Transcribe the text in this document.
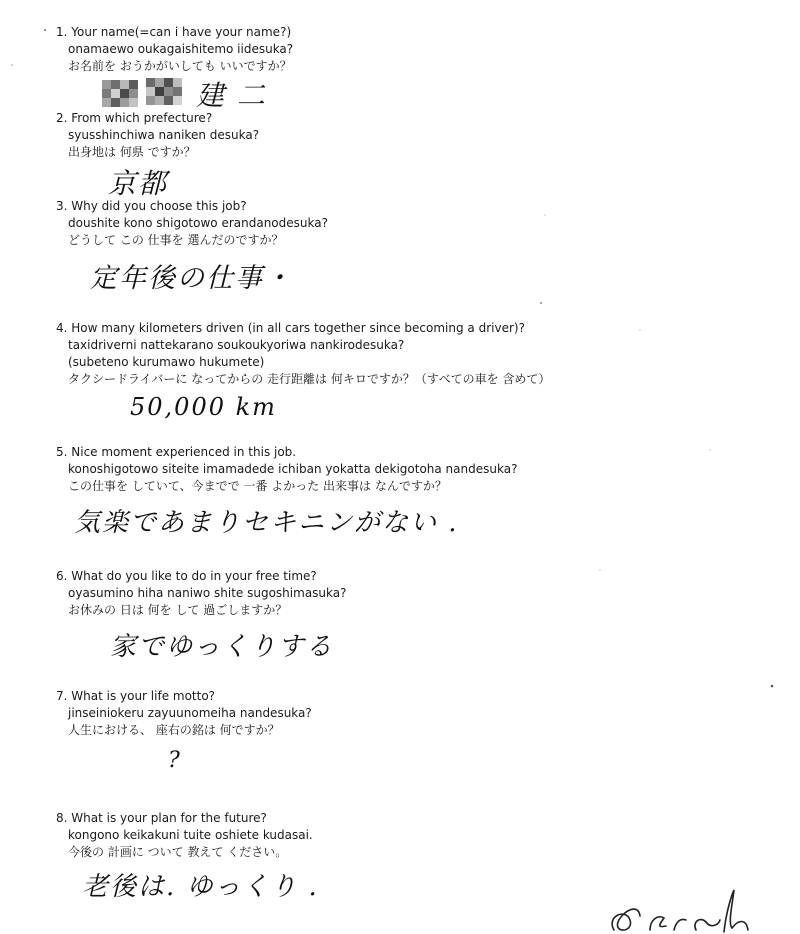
1. Your name(=can i have your name?)
onamaewo oukagaishitemo iidesuka?
お名前を おうかがいしても いいですか？
建 二
2. From which prefecture?
syusshinchiwa naniken desuka?
出身地は 何県 ですか？
京都
3. Why did you choose this job?
doushite kono shigotowo erandanodesuka?
どうして この 仕事を 選んだのですか？
定年後の仕事・
4. How many kilometers driven (in all cars together since becoming a driver)?
taxidriverni nattekarano soukoukyoriwa nankirodesuka?
(subeteno kurumawo hukumete)
タクシードライバーに なってからの 走行距離は 何キロですか？（すべての車を 含めて）
50,000 km
5. Nice moment experienced in this job.
konoshigotowo siteite imamadede ichiban yokatta dekigotoha nandesuka?
この仕事を していて、今までで 一番 よかった 出来事は なんですか？
気楽であまりセキニンがない .
6. What do you like to do in your free time?
oyasumino hiha naniwo shite sugoshimasuka?
お休みの 日は 何を して 過ごしますか？
家でゆっくりする
7. What is your life motto?
jinseiniokeru zayuunomeiha nandesuka?
人生における、 座右の銘は 何ですか？
?
8. What is your plan for the future?
kongono keikakuni tuite oshiete kudasai.
今後の 計画に ついて 教えて ください。
老後は. ゆっくり .
